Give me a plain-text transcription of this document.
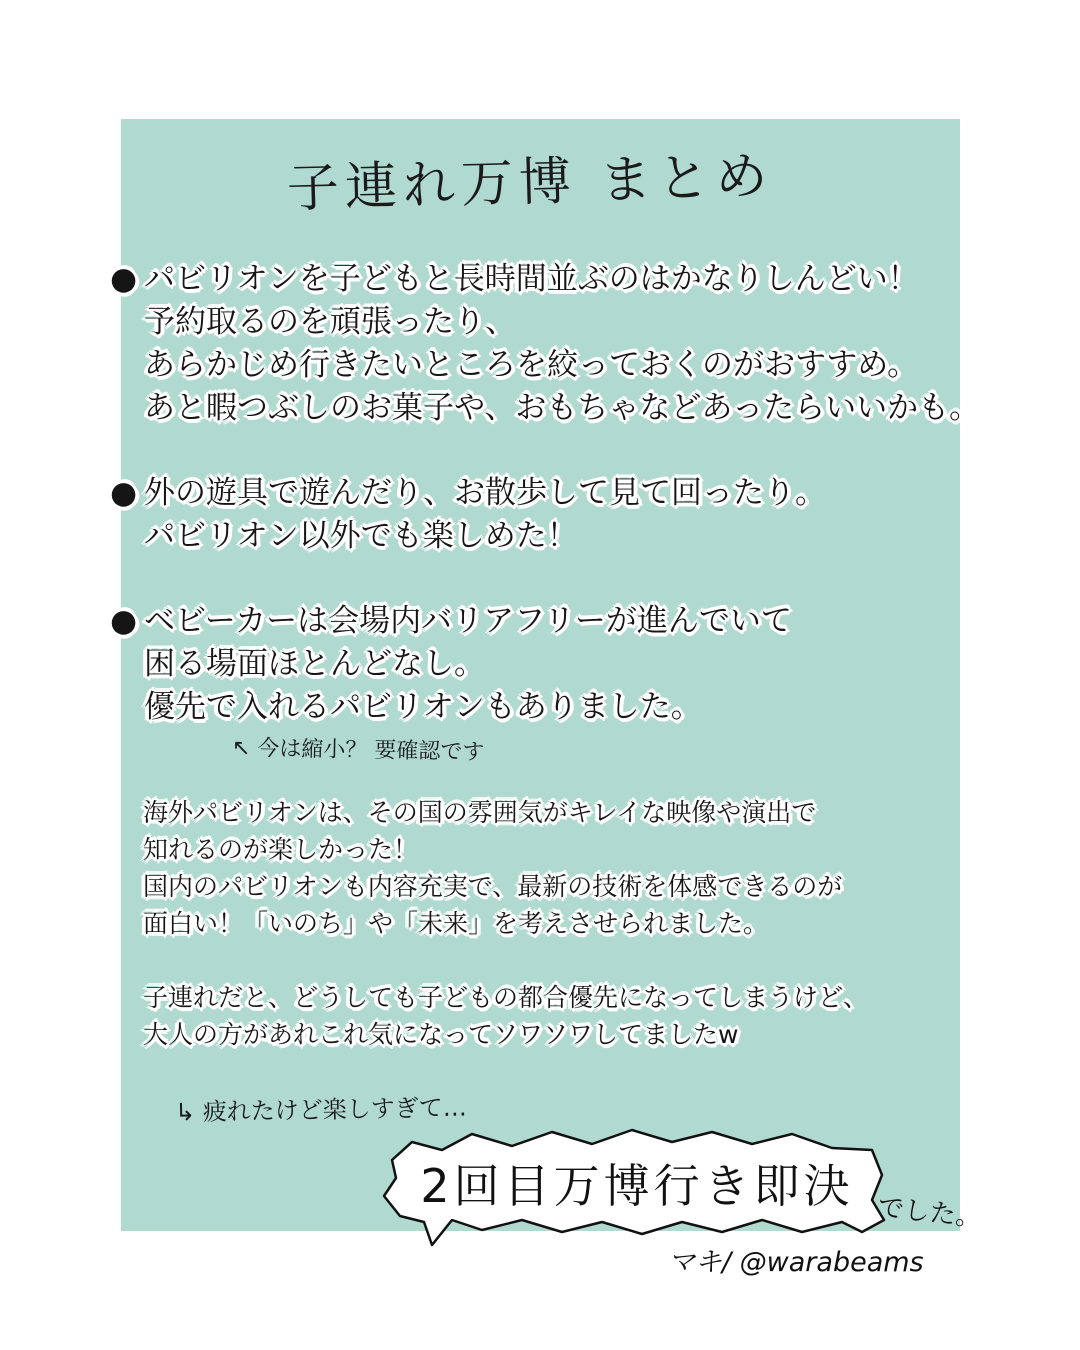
子連れ万博 まとめ
● パビリオンを子どもと長時間並ぶのはかなりしんどい！
予約取るのを頑張ったり、
あらかじめ行きたいところを絞っておくのがおすすめ。
あと暇つぶしのお菓子や、おもちゃなどあったらいいかも。
● 外の遊具で遊んだり、お散歩して見て回ったり。
パビリオン以外でも楽しめた！
● ベビーカーは会場内バリアフリーが進んでいて
困る場面ほとんどなし。
優先で入れるパビリオンもありました。
↖ 今は縮小？ 要確認です
海外パビリオンは、その国の雰囲気がキレイな映像や演出で
知れるのが楽しかった！
国内のパビリオンも内容充実で、最新の技術を体感できるのが
面白い！「いのち」や「未来」を考えさせられました。
子連れだと、どうしても子どもの都合優先になってしまうけど、
大人の方があれこれ気になってソワソワしてましたw
↳ 疲れたけど楽しすぎて…
2回目万博行き即決 でした。
マキ/ @warabeams
